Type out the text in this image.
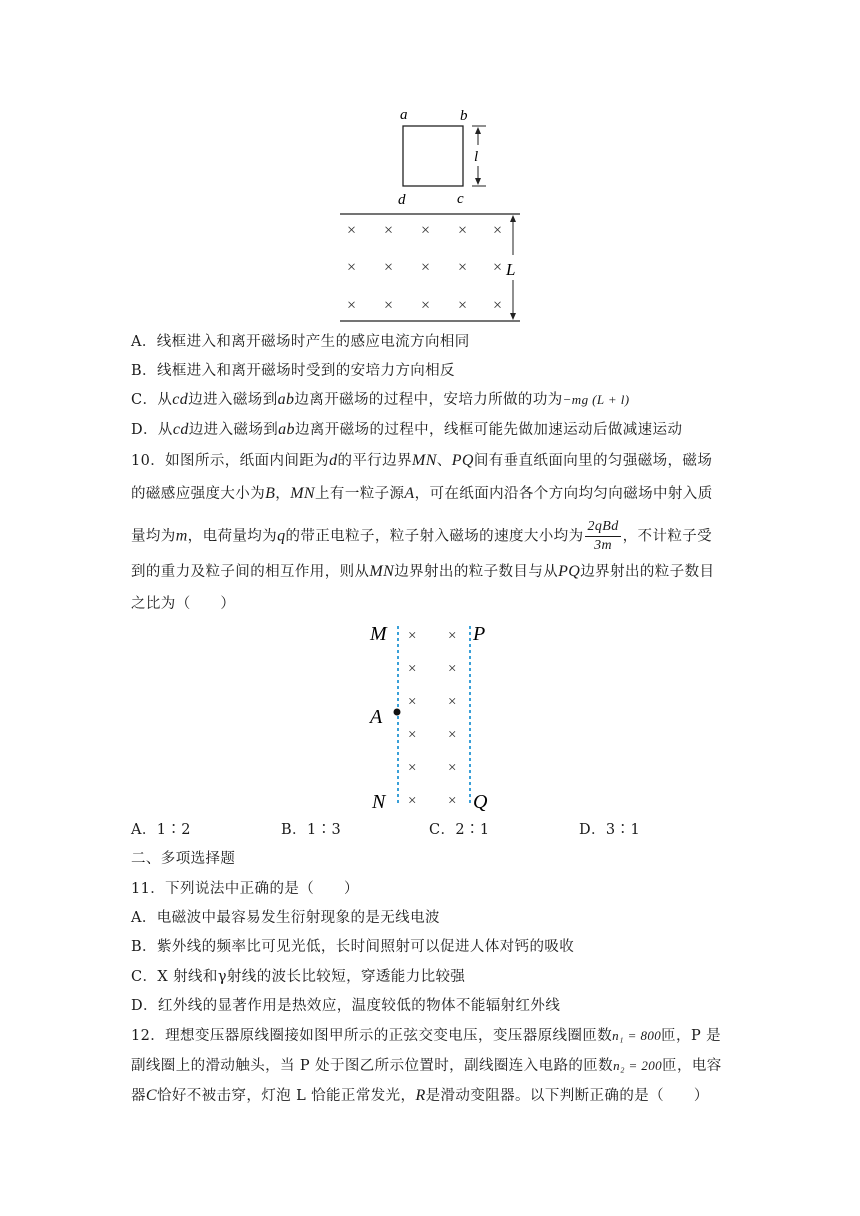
a	b
d	c
l
L
× × × × ×
× × × × ×
× × × × ×
A．线框进入和离开磁场时产生的感应电流方向相同
B．线框进入和离开磁场时受到的安培力方向相反
C．从cd边进入磁场到ab边离开磁场的过程中，安培力所做的功为−mg (L + l)
D．从cd边进入磁场到ab边离开磁场的过程中，线框可能先做加速运动后做减速运动
10．如图所示，纸面内间距为d的平行边界MN、PQ间有垂直纸面向里的匀强磁场，磁场
的磁感应强度大小为B，MN上有一粒子源A，可在纸面内沿各个方向均匀向磁场中射入质
量均为m，电荷量均为q的带正电粒子，粒子射入磁场的速度大小均为 $\frac{\text{2qBd}}{3m}$ ，不计粒子受
到的重力及粒子间的相互作用，则从MN边界射出的粒子数目与从PQ边界射出的粒子数目
之比为（　　）
M	P
A
N	Q
× ×
× ×
× ×
× ×
× ×
× ×
A．1∶2	B．1∶3	C．2∶1	D．3∶1
二、多项选择题
11．下列说法中正确的是（　　）
A．电磁波中最容易发生衍射现象的是无线电波
B．紫外线的频率比可见光低，长时间照射可以促进人体对钙的吸收
C．X 射线和γ射线的波长比较短，穿透能力比较强
D．红外线的显著作用是热效应，温度较低的物体不能辐射红外线
12．理想变压器原线圈接如图甲所示的正弦交变电压，变压器原线圈匝数n₁ = 800匝，P 是
副线圈上的滑动触头，当 P 处于图乙所示位置时，副线圈连入电路的匝数n₂ = 200匝，电容
器C恰好不被击穿，灯泡 L 恰能正常发光，R是滑动变阻器。以下判断正确的是（　　）
